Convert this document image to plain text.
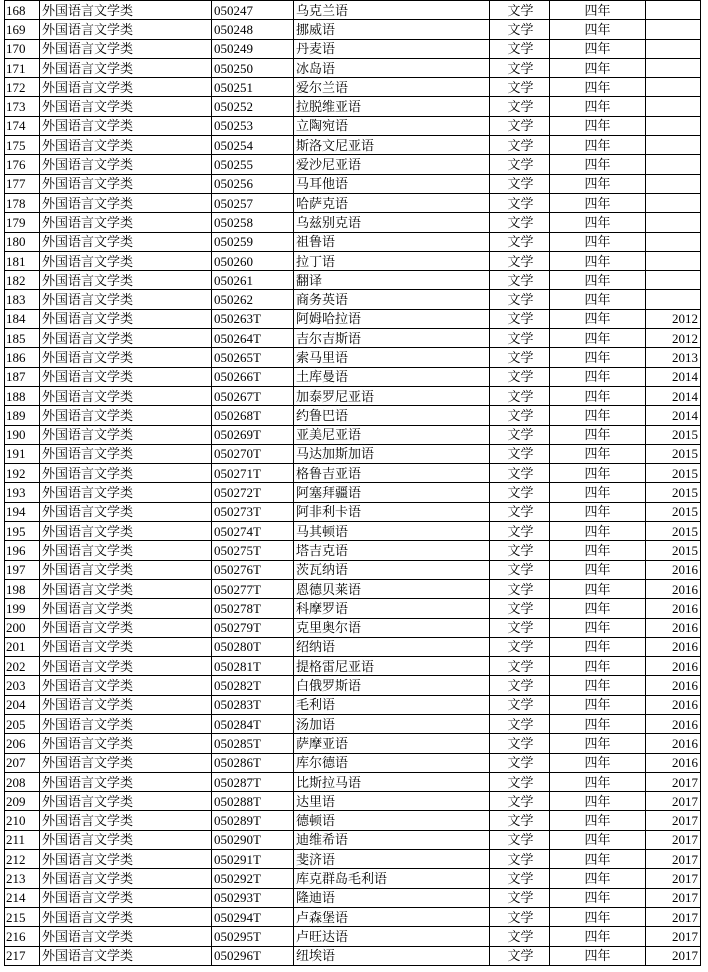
168	外国语言文学类	050247	乌克兰语	文学	四年	
169	外国语言文学类	050248	挪威语	文学	四年	
170	外国语言文学类	050249	丹麦语	文学	四年	
171	外国语言文学类	050250	冰岛语	文学	四年	
172	外国语言文学类	050251	爱尔兰语	文学	四年	
173	外国语言文学类	050252	拉脱维亚语	文学	四年	
174	外国语言文学类	050253	立陶宛语	文学	四年	
175	外国语言文学类	050254	斯洛文尼亚语	文学	四年	
176	外国语言文学类	050255	爱沙尼亚语	文学	四年	
177	外国语言文学类	050256	马耳他语	文学	四年	
178	外国语言文学类	050257	哈萨克语	文学	四年	
179	外国语言文学类	050258	乌兹别克语	文学	四年	
180	外国语言文学类	050259	祖鲁语	文学	四年	
181	外国语言文学类	050260	拉丁语	文学	四年	
182	外国语言文学类	050261	翻译	文学	四年	
183	外国语言文学类	050262	商务英语	文学	四年	
184	外国语言文学类	050263T	阿姆哈拉语	文学	四年	2012
185	外国语言文学类	050264T	吉尔吉斯语	文学	四年	2012
186	外国语言文学类	050265T	索马里语	文学	四年	2013
187	外国语言文学类	050266T	土库曼语	文学	四年	2014
188	外国语言文学类	050267T	加泰罗尼亚语	文学	四年	2014
189	外国语言文学类	050268T	约鲁巴语	文学	四年	2014
190	外国语言文学类	050269T	亚美尼亚语	文学	四年	2015
191	外国语言文学类	050270T	马达加斯加语	文学	四年	2015
192	外国语言文学类	050271T	格鲁吉亚语	文学	四年	2015
193	外国语言文学类	050272T	阿塞拜疆语	文学	四年	2015
194	外国语言文学类	050273T	阿非利卡语	文学	四年	2015
195	外国语言文学类	050274T	马其顿语	文学	四年	2015
196	外国语言文学类	050275T	塔吉克语	文学	四年	2015
197	外国语言文学类	050276T	茨瓦纳语	文学	四年	2016
198	外国语言文学类	050277T	恩德贝莱语	文学	四年	2016
199	外国语言文学类	050278T	科摩罗语	文学	四年	2016
200	外国语言文学类	050279T	克里奥尔语	文学	四年	2016
201	外国语言文学类	050280T	绍纳语	文学	四年	2016
202	外国语言文学类	050281T	提格雷尼亚语	文学	四年	2016
203	外国语言文学类	050282T	白俄罗斯语	文学	四年	2016
204	外国语言文学类	050283T	毛利语	文学	四年	2016
205	外国语言文学类	050284T	汤加语	文学	四年	2016
206	外国语言文学类	050285T	萨摩亚语	文学	四年	2016
207	外国语言文学类	050286T	库尔德语	文学	四年	2016
208	外国语言文学类	050287T	比斯拉马语	文学	四年	2017
209	外国语言文学类	050288T	达里语	文学	四年	2017
210	外国语言文学类	050289T	德顿语	文学	四年	2017
211	外国语言文学类	050290T	迪维希语	文学	四年	2017
212	外国语言文学类	050291T	斐济语	文学	四年	2017
213	外国语言文学类	050292T	库克群岛毛利语	文学	四年	2017
214	外国语言文学类	050293T	隆迪语	文学	四年	2017
215	外国语言文学类	050294T	卢森堡语	文学	四年	2017
216	外国语言文学类	050295T	卢旺达语	文学	四年	2017
217	外国语言文学类	050296T	纽埃语	文学	四年	2017
